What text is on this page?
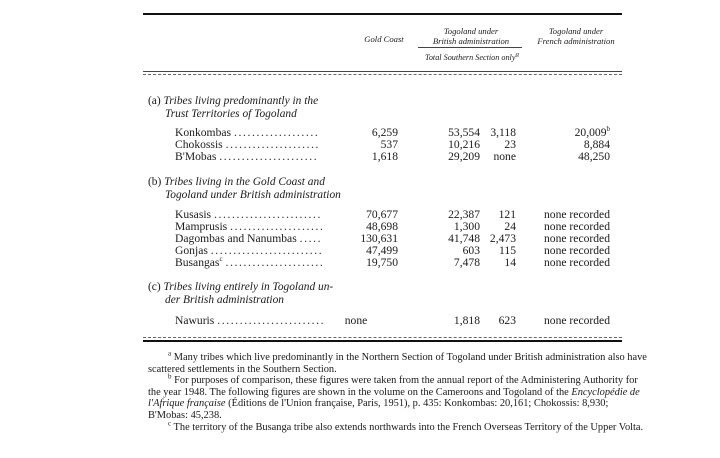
Gold Coast
Togoland under
British administration
Total Southern Section only$^a$
Togoland under
French administration
(a) Tribes living predominantly in the
Trust Territories of Togoland
Konkombas ...................	6,259	53,554 3,118	20,009$^b$
Chokossis .....................	537	10,216	23	8,884
B'Mobas ......................	1,618	29,209	none	48,250
(b) Tribes living in the Gold Coast and
Togoland under British administration
Kusasis ........................	70,677	22,387	121	none recorded
Mamprusis .....................	48,698	1,300	24	none recorded
Dagombas and Nanumbas .....	130,631	41,748 2,473	none recorded
Gonjas .........................	47,499	603	115	none recorded
Busangas$^c$ ......................	19,750	7,478	14	none recorded
(c) Tribes living entirely in Togoland un-
der British administration
Nawuris ........................	none	1,818	623	none recorded

$^a$ Many tribes which live predominantly in the Northern Section of Togoland under British administration also have scattered settlements in the Southern Section.

$^b$ For purposes of comparison, these figures were taken from the annual report of the Administering Authority for the year 1948. The following figures are shown in the volume on the Cameroons and Togoland of the Encyclopédie de l'Afrique française (Éditions de l'Union française, Paris, 1951), p. 435: Konkombas: 20,161; Chokossis: 8,930; B'Mobas: 45,238.

$^c$ The territory of the Busanga tribe also extends northwards into the French Overseas Territory of the Upper Volta.
